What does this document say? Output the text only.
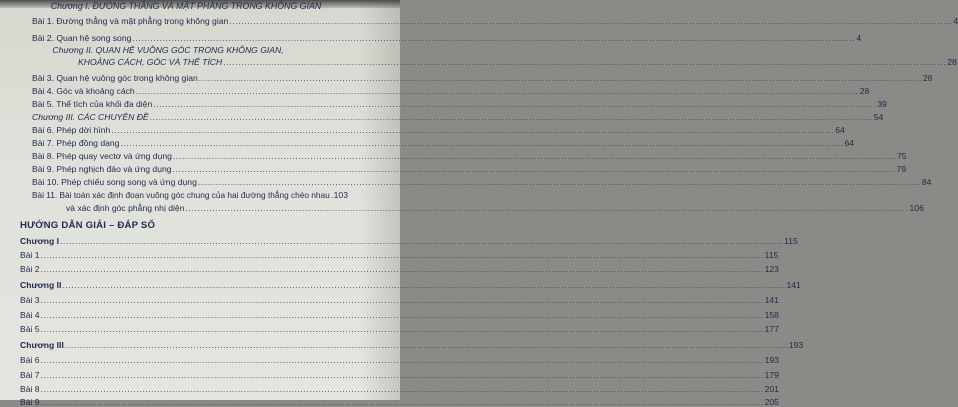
Chương I. ĐƯỜNG THẲNG VÀ MẶT PHẲNG TRONG KHÔNG GIAN
Bài 1. Đường thẳng và mặt phẳng trong không gian .....	4
Bài 2. Quan hệ song song .....	4
Chương II. QUAN HỆ VUÔNG GÓC TRONG KHÔNG GIAN,
KHOẢNG CÁCH, GÓC VÀ THỂ TÍCH .....	28
Bài 3. Quan hệ vuông góc trong không gian .....	28
Bài 4. Góc và khoảng cách .....	28
Bài 5. Thể tích của khối đa diện .....	39
Chương III. CÁC CHUYÊN ĐỀ .....	54
Bài 6. Phép dời hình .....	64
Bài 7. Phép đồng dạng .....	64
Bài 8. Phép quay vectơ và ứng dụng .....	75
Bài 9. Phép nghịch đảo và ứng dụng .....	79
Bài 10. Phép chiếu song song và ứng dụng .....	84
Bài 11. Bài toán xác định đoạn vuông góc chung của hai đường thẳng chéo nhau ..... 103
và xác định góc phẳng nhị diện .....	106
HƯỚNG DẪN GIẢI – ĐÁP SỐ
Chương I .....	115
Bài 1 .....	115
Bài 2 .....	123
Chương II .....	141
Bài 3 .....	141
Bài 4 .....	158
Bài 5 .....	177
Chương III .....	193
Bài 6 .....	193
Bài 7 .....	179
Bài 8 .....	201
Bài 9 .....	205
